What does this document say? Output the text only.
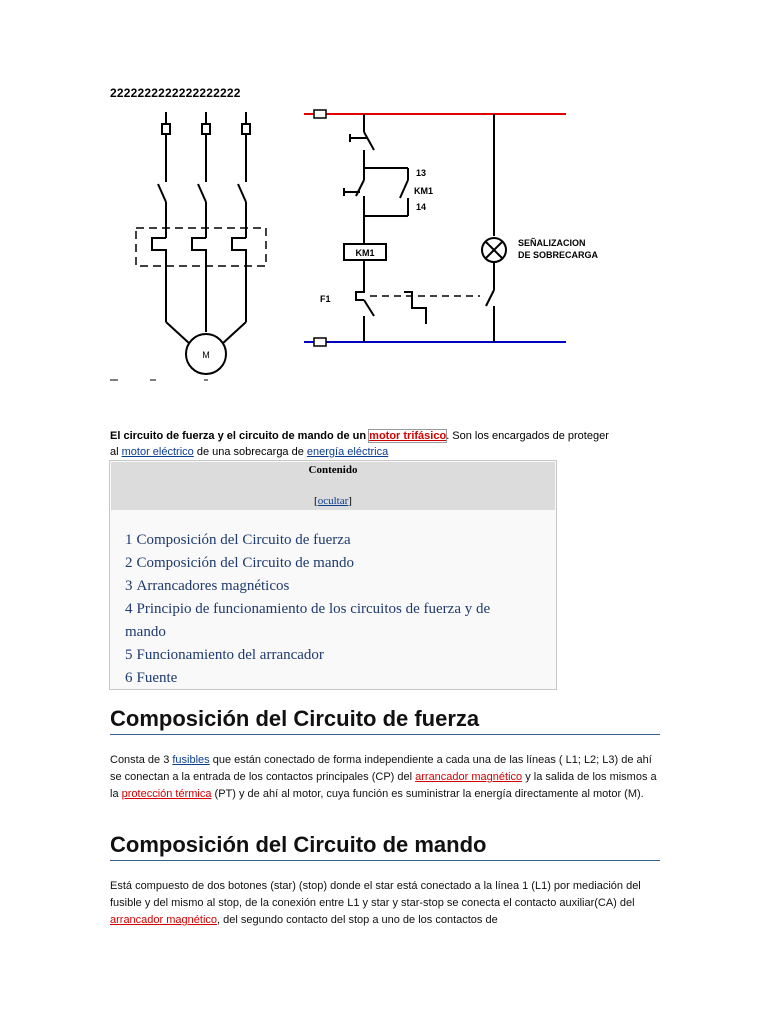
2222222222222222222
M
13
KM1
14
KM1
SEÑALIZACION
DE SOBRECARGA
F1
El circuito de fuerza y el circuito de mando de un motor trifásico. Son los encargados de proteger
al motor eléctrico de una sobrecarga de energía eléctrica
Contenido
[ocultar]
1 Composición del Circuito de fuerza
2 Composición del Circuito de mando
3 Arrancadores magnéticos
4 Principio de funcionamiento de los circuitos de fuerza y de mando
5 Funcionamiento del arrancador
6 Fuente
Composición del Circuito de fuerza
Consta de 3 fusibles que están conectado de forma independiente a cada una de las líneas ( L1; L2; L3) de ahí se conectan a la entrada de los contactos principales (CP) del arrancador magnético y la salida de los mismos a la protección térmica (PT) y de ahí al motor, cuya función es suministrar la energía directamente al motor (M).
Composición del Circuito de mando
Está compuesto de dos botones (star) (stop) donde el star está conectado a la línea 1 (L1) por mediación del fusible y del mismo al stop, de la conexión entre L1 y star y star-stop se conecta el contacto auxiliar(CA) del arrancador magnético, del segundo contacto del stop a uno de los contactos de
